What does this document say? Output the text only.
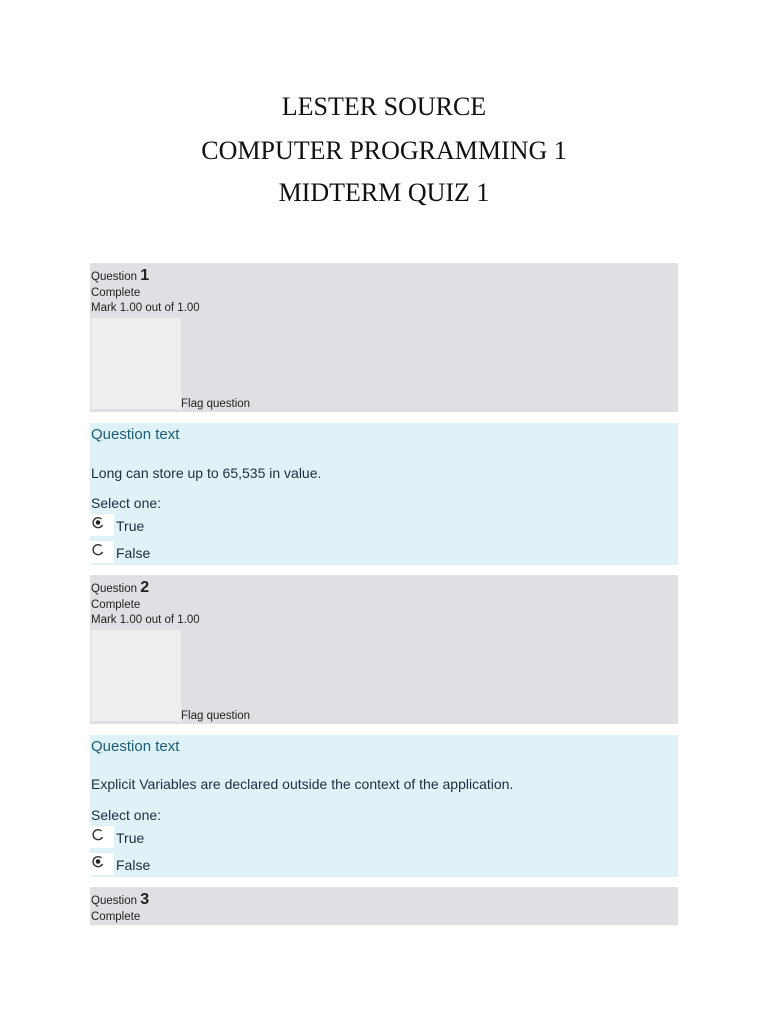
LESTER SOURCE
COMPUTER PROGRAMMING 1
MIDTERM QUIZ 1
Question 1
Complete
Mark 1.00 out of 1.00
Flag question
Question text
Long can store up to 65,535 in value.
Select one:
True
False
Question 2
Complete
Mark 1.00 out of 1.00
Flag question
Question text
Explicit Variables are declared outside the context of the application.
Select one:
True
False
Question 3
Complete
